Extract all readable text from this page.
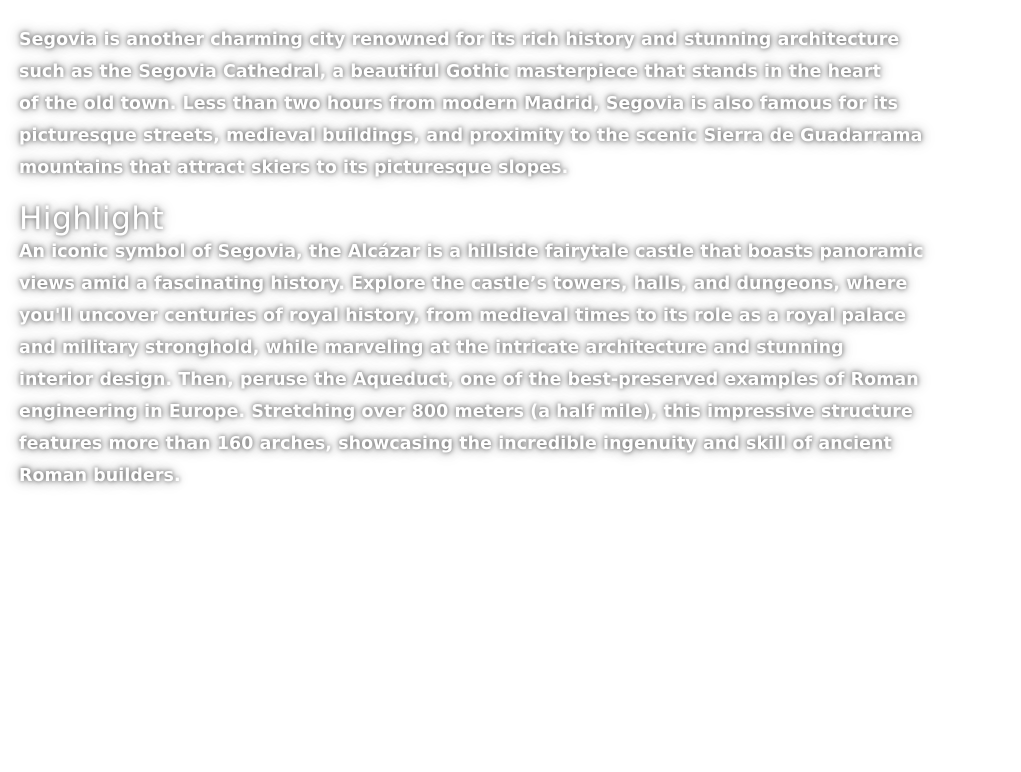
Segovia is another charming city renowned for its rich history and stunning architecture
such as the Segovia Cathedral, a beautiful Gothic masterpiece that stands in the heart
of the old town. Less than two hours from modern Madrid, Segovia is also famous for its
picturesque streets, medieval buildings, and proximity to the scenic Sierra de Guadarrama
mountains that attract skiers to its picturesque slopes.

Highlight

An iconic symbol of Segovia, the Alcázar is a hillside fairytale castle that boasts panoramic
views amid a fascinating history. Explore the castle’s towers, halls, and dungeons, where
you'll uncover centuries of royal history, from medieval times to its role as a royal palace
and military stronghold, while marveling at the intricate architecture and stunning
interior design. Then, peruse the Aqueduct, one of the best-preserved examples of Roman
engineering in Europe. Stretching over 800 meters (a half mile), this impressive structure
features more than 160 arches, showcasing the incredible ingenuity and skill of ancient
Roman builders.
